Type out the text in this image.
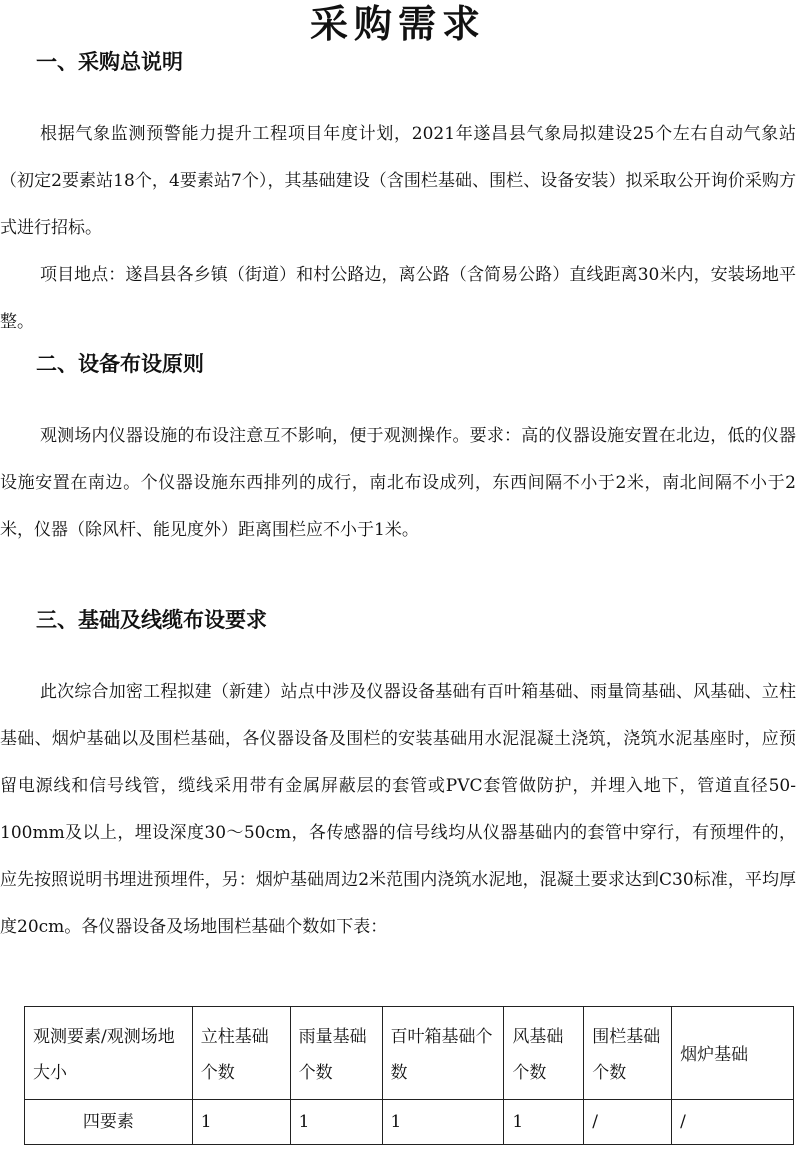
采购需求
一、采购总说明

根据气象监测预警能力提升工程项目年度计划，2021年遂昌县气象局拟建设25个左右自动气象站（初定2要素站18个，4要素站7个），其基础建设（含围栏基础、围栏、设备安装）拟采取公开询价采购方式进行招标。

项目地点：遂昌县各乡镇（街道）和村公路边，离公路（含简易公路）直线距离30米内，安装场地平整。

二、设备布设原则

观测场内仪器设施的布设注意互不影响，便于观测操作。要求：高的仪器设施安置在北边，低的仪器设施安置在南边。个仪器设施东西排列的成行，南北布设成列，东西间隔不小于2米，南北间隔不小于2米，仪器（除风杆、能见度外）距离围栏应不小于1米。

三、基础及线缆布设要求

此次综合加密工程拟建（新建）站点中涉及仪器设备基础有百叶箱基础、雨量筒基础、风基础、立柱基础、烟炉基础以及围栏基础，各仪器设备及围栏的安装基础用水泥混凝土浇筑，浇筑水泥基座时，应预留电源线和信号线管，缆线采用带有金属屏蔽层的套管或PVC套管做防护，并埋入地下，管道直径50-100mm及以上，埋设深度30～50cm，各传感器的信号线均从仪器基础内的套管中穿行，有预埋件的，应先按照说明书埋进预埋件，另：烟炉基础周边2米范围内浇筑水泥地，混凝土要求达到C30标准，平均厚度20cm。各仪器设备及场地围栏基础个数如下表：

观测要素/观测场地大小	立柱基础个数	雨量基础个数	百叶箱基础个数	风基础个数	围栏基础个数	烟炉基础
四要素	1	1	1	1	/	/
